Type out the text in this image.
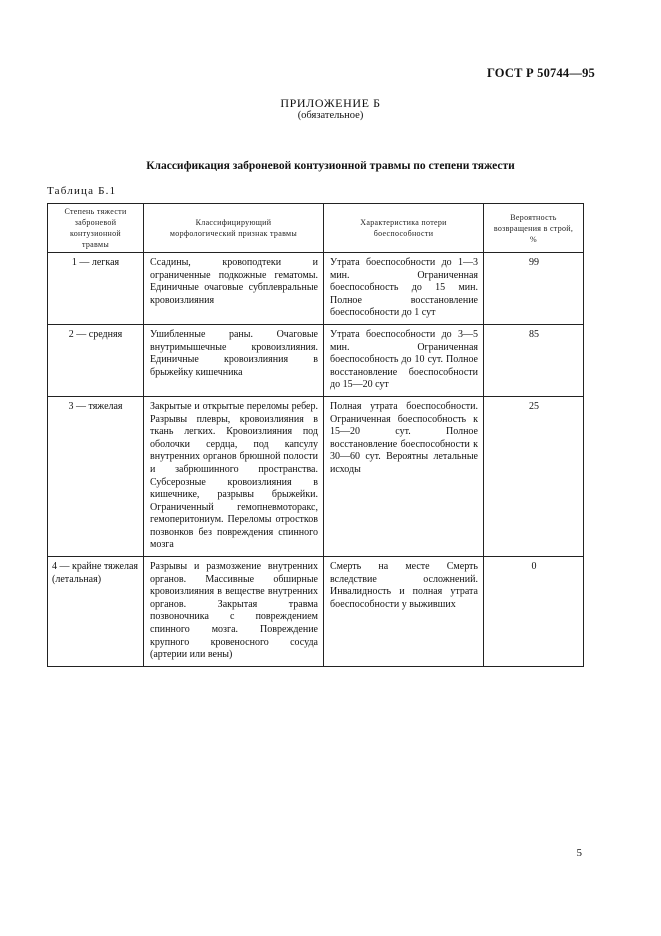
ГОСТ Р 50744—95
ПРИЛОЖЕНИЕ Б
(обязательное)
Классификация заброневой контузионной травмы по степени тяжести
Таблица Б.1
Степень тяжести заброневой контузионной травмы	Классифицирующий морфологический признак травмы	Характеристика потери боеспособности	Вероятность возвращения в строй, %

1 — легкая	Ссадины, кровоподтеки и ограниченные подкожные гематомы. Единичные очаговые субплевральные кровоизлияния	Утрата боеспособности до 1—3 мин. Ограниченная боеспособность до 15 мин. Полное восстановление боеспособности до 1 сут	99

2 — средняя	Ушибленные раны. Очаговые внутримышечные кровоизлияния. Единичные кровоизлияния в брыжейку кишечника	Утрата боеспособности до 3—5 мин. Ограниченная боеспособность до 10 сут. Полное восстановление боеспособности до 15—20 сут	85

3 — тяжелая	Закрытые и открытые переломы ребер. Разрывы плевры, кровоизлияния в ткань легких. Кровоизлияния под оболочки сердца, под капсулу внутренних органов брюшной полости и забрюшинного пространства. Субсерозные кровоизлияния в кишечнике, разрывы брыжейки. Ограниченный гемопневмоторакс, гемоперитониум. Переломы отростков позвонков без повреждения спинного мозга	Полная утрата боеспособности. Ограниченная боеспособность к 15—20 сут. Полное восстановление боеспособности к 30—60 сут. Вероятны летальные исходы	25

4 — крайне тяжелая (летальная)	Разрывы и размозжение внутренних органов. Массивные обширные кровоизлияния в веществе внутренних органов. Закрытая травма позвоночника с повреждением спинного мозга. Повреждение крупного кровеносного сосуда (артерии или вены)	Смерть на месте Смерть вследствие осложнений. Инвалидность и полная утрата боеспособности у выживших	0
5
